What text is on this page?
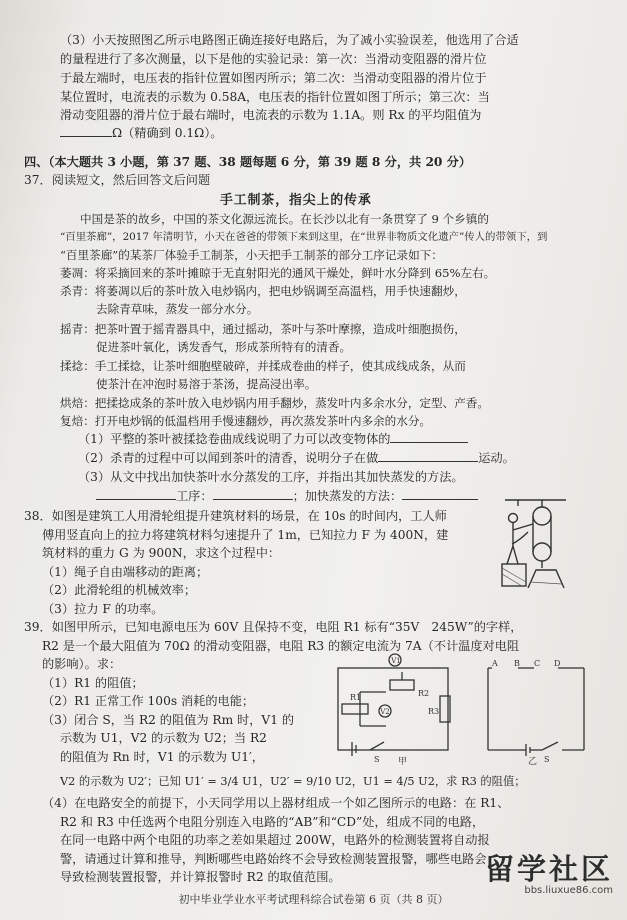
（3）小天按照图乙所示电路图正确连接好电路后，为了减小实验误差，他选用了合适
的量程进行了多次测量，以下是他的实验记录：第一次：当滑动变阻器的滑片位
于最左端时，电压表的指针位置如图丙所示；第二次：当滑动变阻器的滑片位于
某位置时，电流表的示数为 0.58A，电压表的指针位置如图丁所示；第三次：当
滑动变阻器的滑片位于最右端时，电流表的示数为 1.1A。则 Rx 的平均阻值为
Ω（精确到 0.1Ω）。
四、（本大题共 3 小题，第 37 题、38 题每题 6 分，第 39 题 8 分，共 20 分）
37．阅读短文，然后回答文后问题
手工制茶，指尖上的传承
中国是茶的故乡，中国的茶文化源远流长。在长沙以北有一条贯穿了 9 个乡镇的
“百里茶廊”，2017 年清明节，小天在爸爸的带领下来到这里，在“世界非物质文化遗产”传人的带领下，到
“百里茶廊”的某茶厂体验手工制茶，小天把手工制茶的部分工序记录如下：
萎凋：将采摘回来的茶叶摊晾于无直射阳光的通风干燥处，鲜叶水分降到 65%左右。
杀青：将萎凋以后的茶叶放入电炒锅内，把电炒锅调至高温档，用手快速翻炒，
去除青草味，蒸发一部分水分。
摇青：把茶叶置于摇青器具中，通过摇动，茶叶与茶叶摩擦，造成叶细胞损伤，
促进茶叶氧化，诱发香气，形成茶所特有的清香。
揉捻：手工揉捻，让茶叶细胞壁破碎，并揉成卷曲的样子，使其成线成条，从而
使茶汁在冲泡时易溶于茶汤，提高浸出率。
烘焙：把揉捻成条的茶叶放入电炒锅内用手翻炒，蒸发叶内多余水分，定型、产香。
复焙：打开电炒锅的低温档用手慢速翻炒，再次蒸发茶叶内多余的水分。
（1）平整的茶叶被揉捻卷曲成线说明了力可以改变物体的
（2）杀青的过程中可以闻到茶叶的清香，说明分子在做	运动。
（3）从文中找出加快茶叶水分蒸发的工序，并指出其加快蒸发的方法。
工序：	；加快蒸发的方法：
38．如图是建筑工人用滑轮组提升建筑材料的场景，在 10s 的时间内，工人师
傅用竖直向上的拉力将建筑材料匀速提升了 1m，已知拉力 F 为 400N，建
筑材料的重力 G 为 900N，求这个过程中：
（1）绳子自由端移动的距离；
（2）此滑轮组的机械效率；
（3）拉力 F 的功率。
39．如图甲所示，已知电源电压为 60V 且保持不变，电阻 R1 标有“35V　245W”的字样，
R2 是一个最大阻值为 70Ω 的滑动变阻器，电阻 R3 的额定电流为 7A（不计温度对电阻
的影响）。求：
（1）R1 的阻值；
（2）R1 正常工作 100s 消耗的电能；
（3）闭合 S，当 R2 的阻值为 Rm 时，V1 的
示数为 U1，V2 的示数为 U2；当 R2
的阻值为 Rn 时，V1 的示数为 U1′，
V2 的示数为 U2′；已知 U1′ = 3/4 U1，U2′ = 9/10 U2，U1 = 4/5 U2，求 R3 的阻值；
（4）在电路安全的前提下，小天同学用以上器材组成一个如乙图所示的电路：在 R1、
R2 和 R3 中任选两个电阻分别连入电路的“AB”和“CD”处，组成不同的电路，
在同一电路中两个电阻的功率之差如果超过 200W，电路外的检测装置将自动报
警，请通过计算和推导，判断哪些电路始终不会导致检测装置报警，哪些电路会
导致检测装置报警，并计算报警时 R2 的取值范围。
V1
V2
R1	R2
R3
S 甲
A B C D
S
乙
初中毕业学业水平考试理科综合试卷第 6 页（共 8 页）
留学社区
bbs.liuxue86.com
